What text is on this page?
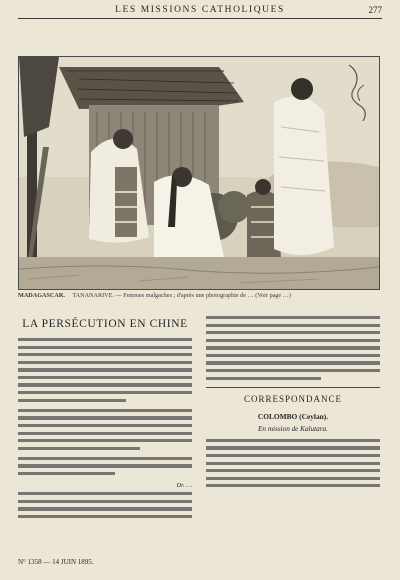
LES MISSIONS CATHOLIQUES	277
MADAGASCAR. TANANARIVE. — Femmes malgaches ; d'après une photographie de … (Voir page …)
LA PERSÉCUTION EN CHINE
Dr. …
CORRESPONDANCE
COLOMBO (Ceylan).
En mission de Kalutara.
N° 1358 — 14 JUIN 1895.
